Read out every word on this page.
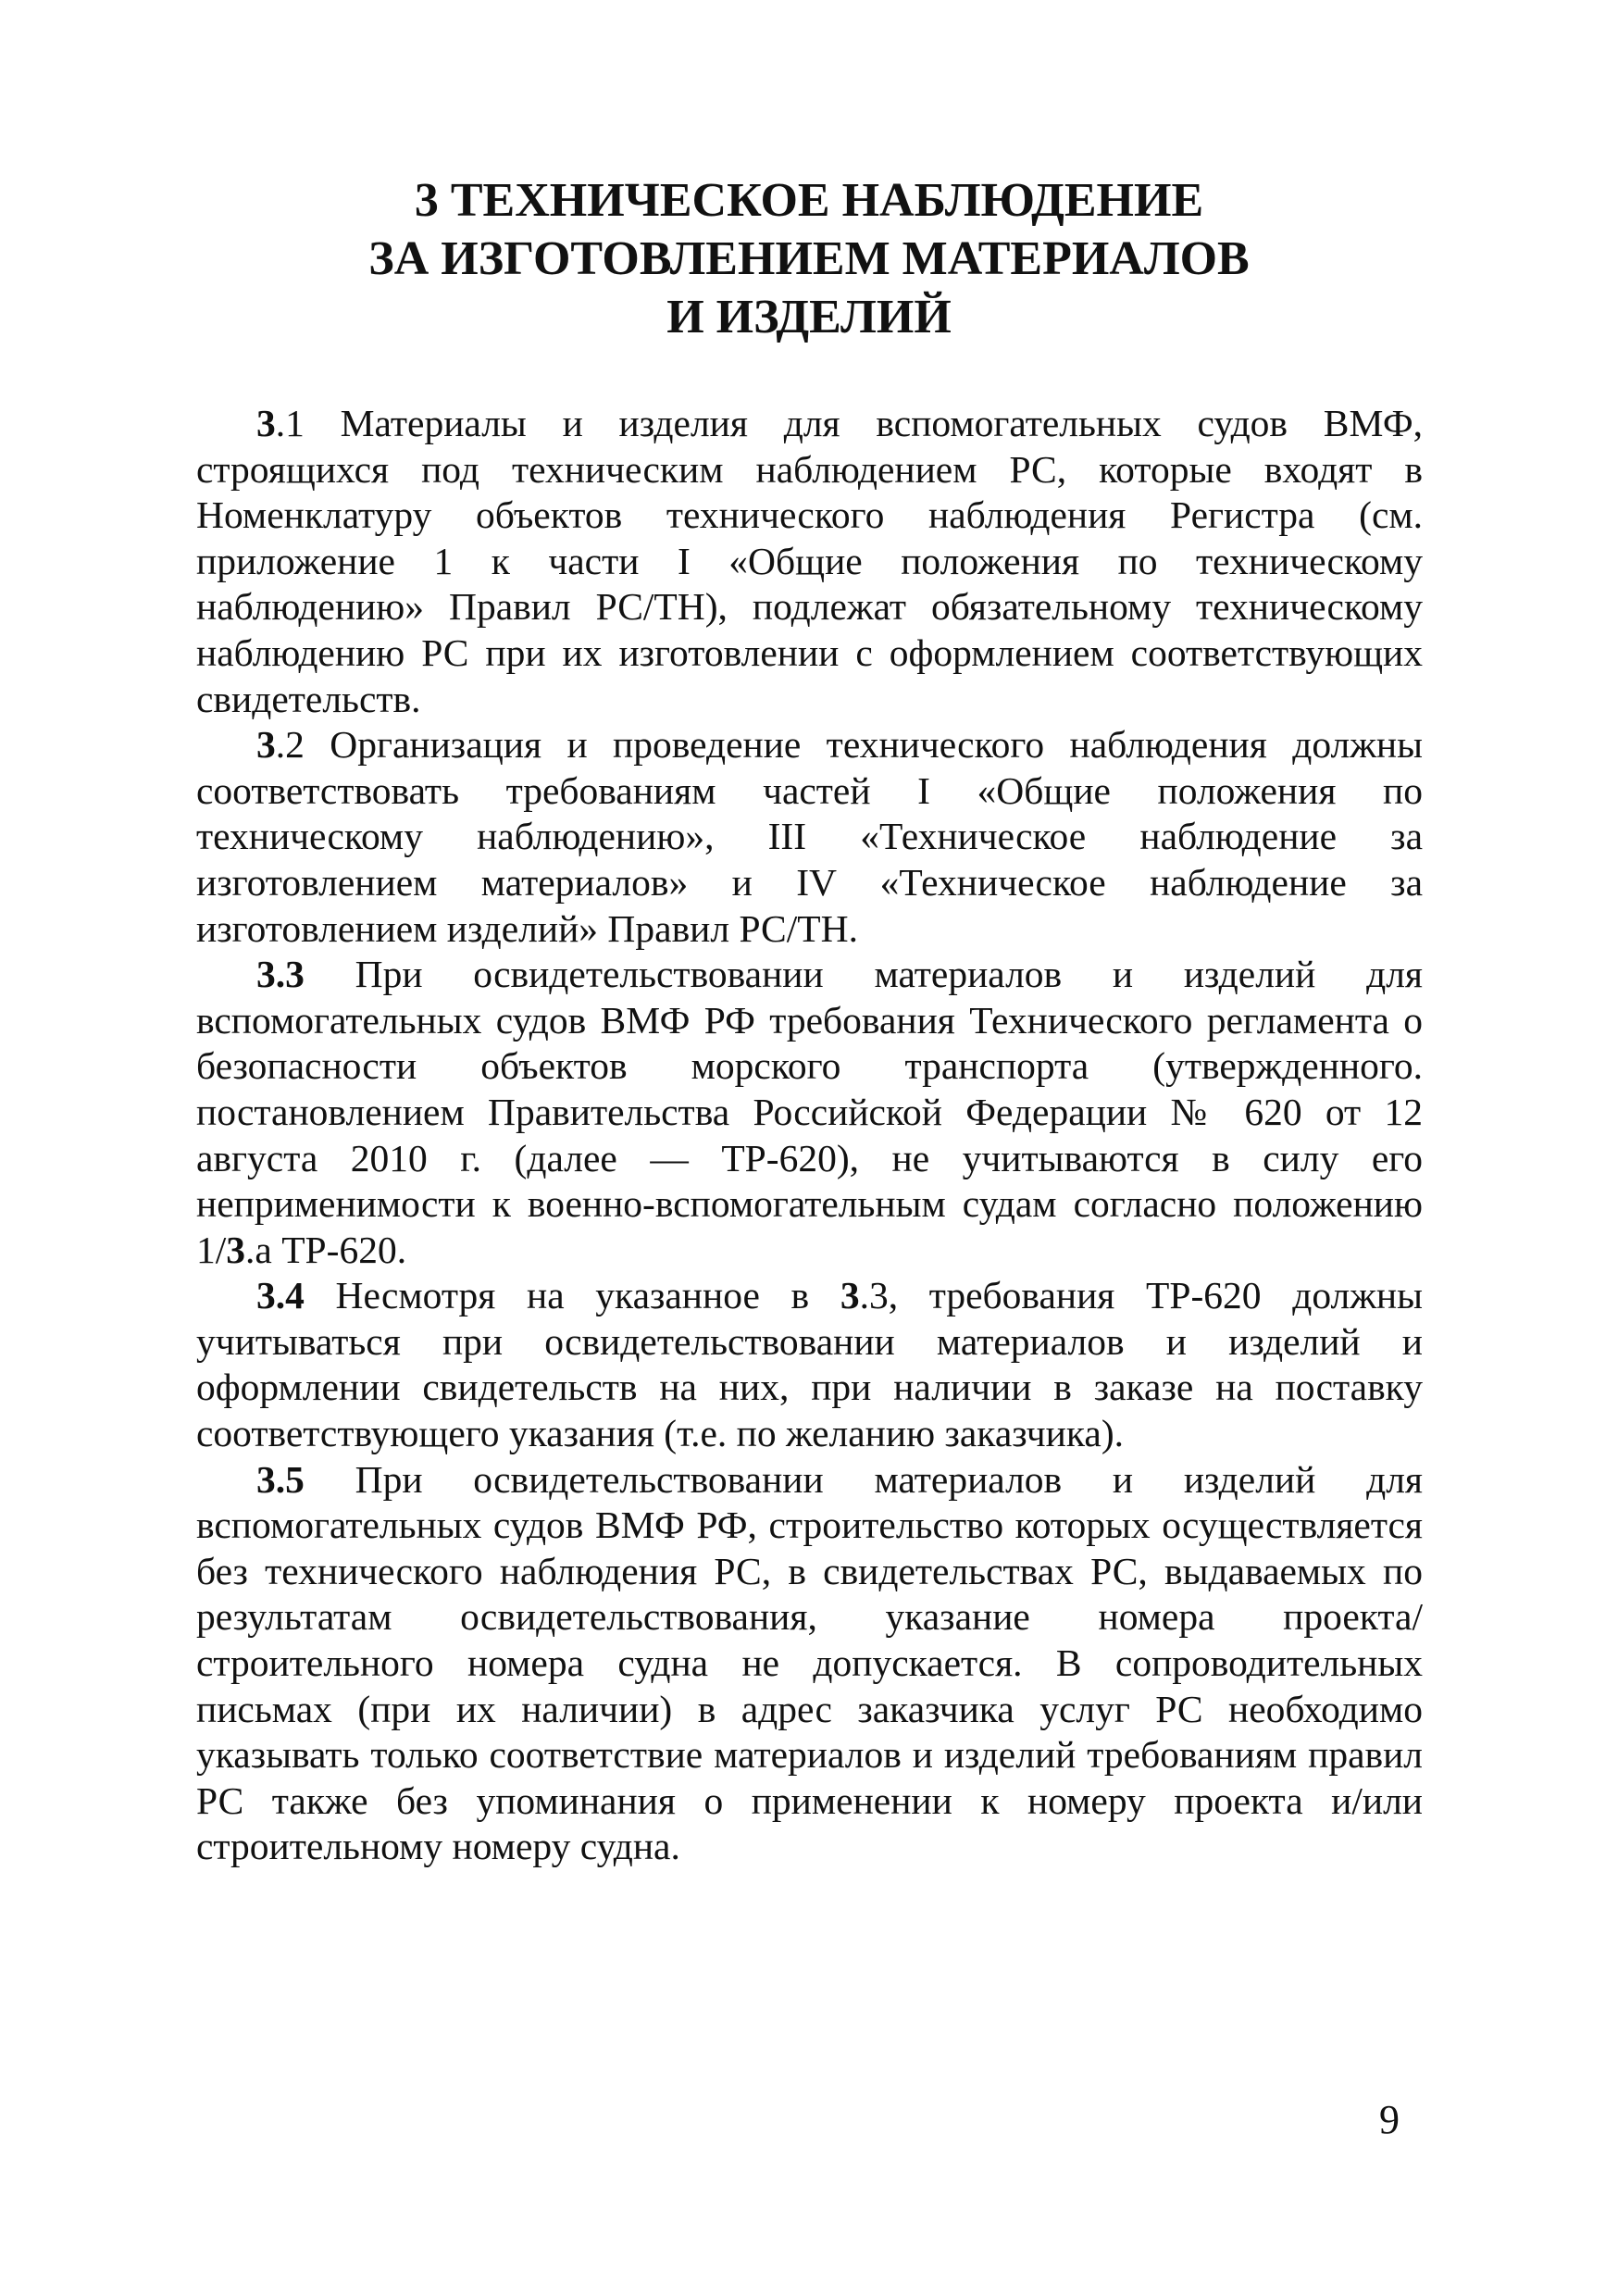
3 ТЕХНИЧЕСКОЕ НАБЛЮДЕНИЕ
ЗА ИЗГОТОВЛЕНИЕМ МАТЕРИАЛОВ
И ИЗДЕЛИЙ

3.1 Материалы и изделия для вспомогательных судов ВМФ, строящихся под техническим наблюдением РС, которые входят в Номенклатуру объектов технического наблюдения Регистра (см. приложение 1 к части I «Общие положения по техническому наблюдению» Правил РС/ТН), подлежат обязательному техническому наблюдению РС при их изготовлении с оформлением соответствующих свидетельств.

3.2 Организация и проведение технического наблюдения должны соответствовать требованиям частей I «Общие положения по техническому наблюдению», III «Техническое наблюдение за изготовлением материалов» и IV «Техническое наблюдение за изготовлением изделий» Правил РС/ТН.

3.3 При освидетельствовании материалов и изделий для вспомогательных судов ВМФ РФ требования Технического регламента о безопасности объектов морского транспорта (утвержденного. постановлением Правительства Российской Федерации № 620 от 12 августа 2010 г. (далее — ТР-620), не учитываются в силу его неприменимости к военно-вспомогательным судам согласно положению 1/3.а ТР-620.

3.4 Несмотря на указанное в 3.3, требования ТР-620 должны учитываться при освидетельствовании материалов и изделий и оформлении свидетельств на них, при наличии в заказе на поставку соответствующего указания (т.е. по желанию заказчика).

3.5 При освидетельствовании материалов и изделий для вспомогательных судов ВМФ РФ, строительство которых осуществляется без технического наблюдения РС, в свидетельствах РС, выдаваемых по результатам освидетельствования, указание номера проекта/ строительного номера судна не допускается. В сопроводительных письмах (при их наличии) в адрес заказчика услуг РС необходимо указывать только соответствие материалов и изделий требованиям правил РС также без упоминания о применении к номеру проекта и/или строительному номеру судна.

9
